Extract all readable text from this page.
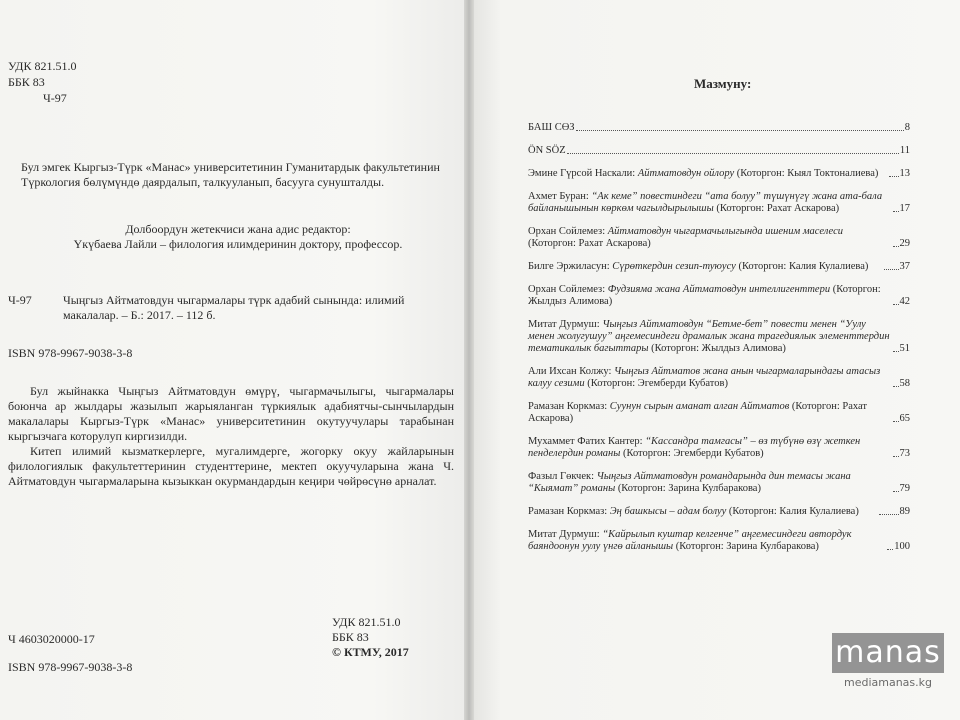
УДК 821.51.0
ББК 83
Ч-97
Бул эмгек Кыргыз-Түрк «Манас» университетинин Гуманитардык факультетинин Түркология бөлүмүндө даярдалып, талкууланып, басууга сунушталды.
Долбоордун жетекчиси жана адис редактор:
Үкүбаева Лайли – филология илимдеринин доктору, профессор.
Ч-97	Чыңгыз Айтматовдун чыгармалары түрк адабий сынында: илимий макалалар. – Б.: 2017. – 112 б.
ISBN 978-9967-9038-3-8

Бул жыйнакка Чыңгыз Айтматовдун өмүрү, чыгармачылыгы, чыгармалары боюнча ар жылдары жазылып жарыяланган түркиялык адабиятчы-сынчылардын макалалары Кыргыз-Түрк «Манас» университетинин окутуучулары тарабынан кыргызчага которулуп киргизилди.

Китеп илимий кызматкерлерге, мугалимдерге, жогорку окуу жайларынын филологиялык факультеттеринин студенттерине, мектеп окуучуларына жана Ч. Айтматовдун чыгармаларына кызыккан окурмандардын кеңири чөйрөсүнө арналат.

Ч 4603020000-17
ISBN 978-9967-9038-3-8
УДК 821.51.0
ББК 83
© КТМУ, 2017
Мазмуну:
БАШ СӨЗ	8
ÖN SÖZ	11
Эмине Гүрсой Наскали: Айтматовдун ойлору (Которгон: Кыял Токтоналиева)	13
Ахмет Буран: “Ак кеме” повестиндеги “ата болуу” түшүнүгү жана ата-бала байланышынын көркөм чагылдырылышы (Которгон: Рахат Аскарова)	17
Орхан Сойлемез: Айтматовдун чыгармачылыгында ишеним маселеси (Которгон: Рахат Аскарова)	29
Билге Эржиласун: Сүрөткердин сезип-туюусу (Которгон: Калия Кулалиева)	37
Орхан Сойлемез: Фудзияма жана Айтматовдун интеллигенттери (Которгон: Жылдыз Алимова)	42
Митат Дурмуш: Чыңгыз Айтматовдун “Бетме-бет” повести менен “Уулу менен жолугушуу” аңгемесиндеги драмалык жана трагедиялык элементтердин тематикалык багыттары (Которгон: Жылдыз Алимова)	51
Али Ихсан Колжу: Чыңгыз Айтматов жана анын чыгармаларындагы атасыз калуу сезими (Которгон: Эгемберди Кубатов)	58
Рамазан Коркмаз: Суунун сырын аманат алган Айтматов (Которгон: Рахат Аскарова)	65
Мухаммет Фатих Кантер: “Кассандра тамгасы” – өз түбүнө өзү жеткен пенделердин романы (Которгон: Эгемберди Кубатов)	73
Фазыл Гөкчек: Чыңгыз Айтматовдун романдарында дин темасы жана “Кыямат” романы (Которгон: Зарина Кулбаракова)	79
Рамазан Коркмаз: Эң башкысы – адам болуу (Которгон: Калия Кулалиева)	89
Митат Дурмуш: “Кайрылып куштар келгенче” аңгемесиндеги автордук баяндоонун уулу үнгө айланышы (Которгон: Зарина Кулбаракова)	100
manas
mediamanas.kg
